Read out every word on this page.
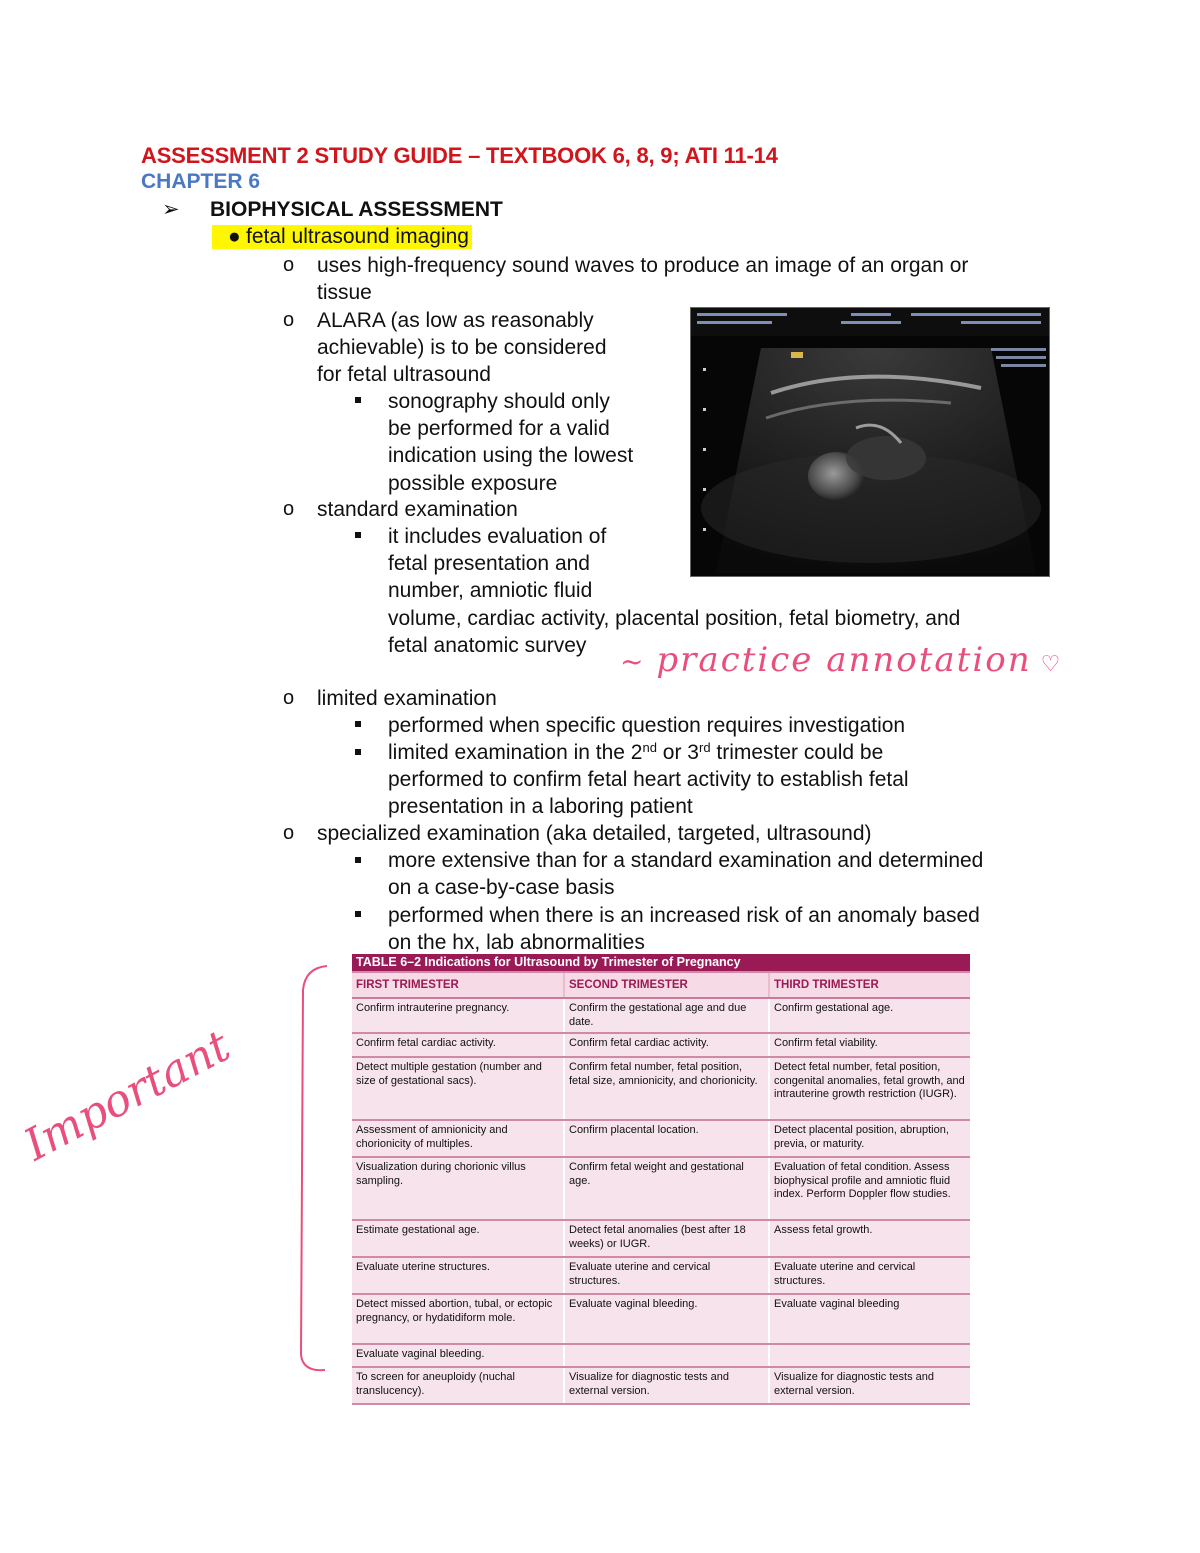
ASSESSMENT 2 STUDY GUIDE – TEXTBOOK 6, 8, 9; ATI 11-14
CHAPTER 6
➢ BIOPHYSICAL ASSESSMENT
● fetal ultrasound imaging
o
o
o
o
o
uses high-frequency sound waves to produce an image of an organ or
tissue
ALARA (as low as reasonably
achievable) is to be considered
for fetal ultrasound
sonography should only
be performed for a valid
indication using the lowest
possible exposure
standard examination
it includes evaluation of
fetal presentation and
number, amniotic fluid
volume, cardiac activity, placental position, fetal biometry, and
fetal anatomic survey
limited examination
performed when specific question requires investigation
limited examination in the 2nd or 3rd trimester could be
performed to confirm fetal heart activity to establish fetal
presentation in a laboring patient
specialized examination (aka detailed, targeted, ultrasound)
more extensive than for a standard examination and determined
on a case-by-case basis
performed when there is an increased risk of an anomaly based
on the hx, lab abnormalities
~ practice annotation ♡
Important
TABLE 6–2 Indications for Ultrasound by Trimester of Pregnancy		
FIRST TRIMESTER	SECOND TRIMESTER	THIRD TRIMESTER
Confirm intrauterine pregnancy.	Confirm the gestational age and due date.	Confirm gestational age.
Confirm fetal cardiac activity.	Confirm fetal cardiac activity.	Confirm fetal viability.
Detect multiple gestation (number and size of gestational sacs).	Confirm fetal number, fetal position, fetal size, amnionicity, and chorionicity.	Detect fetal number, fetal position, congenital anomalies, fetal growth, and intrauterine growth restriction (IUGR).
Assessment of amnionicity and chorionicity of multiples.	Confirm placental location.	Detect placental position, abruption, previa, or maturity.
Visualization during chorionic villus sampling.	Confirm fetal weight and gestational age.	Evaluation of fetal condition. Assess biophysical profile and amniotic fluid index. Perform Doppler flow studies.
Estimate gestational age.	Detect fetal anomalies (best after 18 weeks) or IUGR.	Assess fetal growth.
Evaluate uterine structures.	Evaluate uterine and cervical structures.	Evaluate uterine and cervical structures.
Detect missed abortion, tubal, or ectopic pregnancy, or hydatidiform mole.	Evaluate vaginal bleeding.	Evaluate vaginal bleeding
Evaluate vaginal bleeding.		
To screen for aneuploidy (nuchal translucency).	Visualize for diagnostic tests and external version.	Visualize for diagnostic tests and external version.
